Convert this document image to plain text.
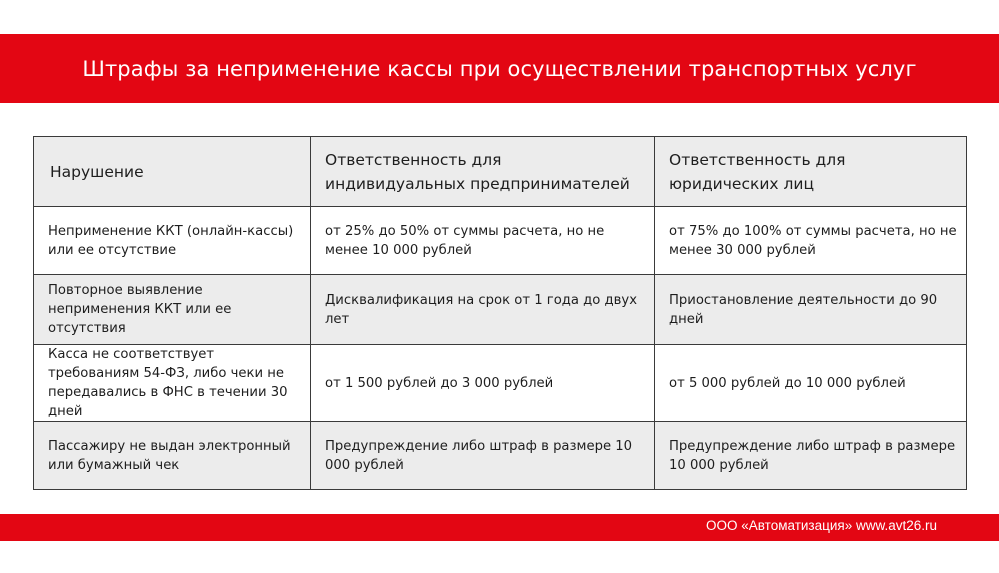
Штрафы за неприменение кассы при осуществлении транспортных услуг
Нарушение	Ответственность для индивидуальных предпринимателей	Ответственность для юридических лиц
Неприменение ККТ (онлайн-кассы) или ее отсутствие	от 25% до 50% от суммы расчета, но не менее 10 000 рублей	от 75% до 100% от суммы расчета, но не менее 30 000 рублей
Повторное выявление неприменения ККТ или ее отсутствия	Дисквалификация на срок от 1 года до двух лет	Приостановление деятельности до 90 дней
Касса не соответствует требованиям 54-ФЗ, либо чеки не передавались в ФНС в течении 30 дней	от 1 500 рублей до 3 000 рублей	от 5 000 рублей до 10 000 рублей
Пассажиру не выдан электронный или бумажный чек	Предупреждение либо штраф в размере 10 000 рублей	Предупреждение либо штраф в размере 10 000 рублей
ООО «Автоматизация» www.avt26.ru
